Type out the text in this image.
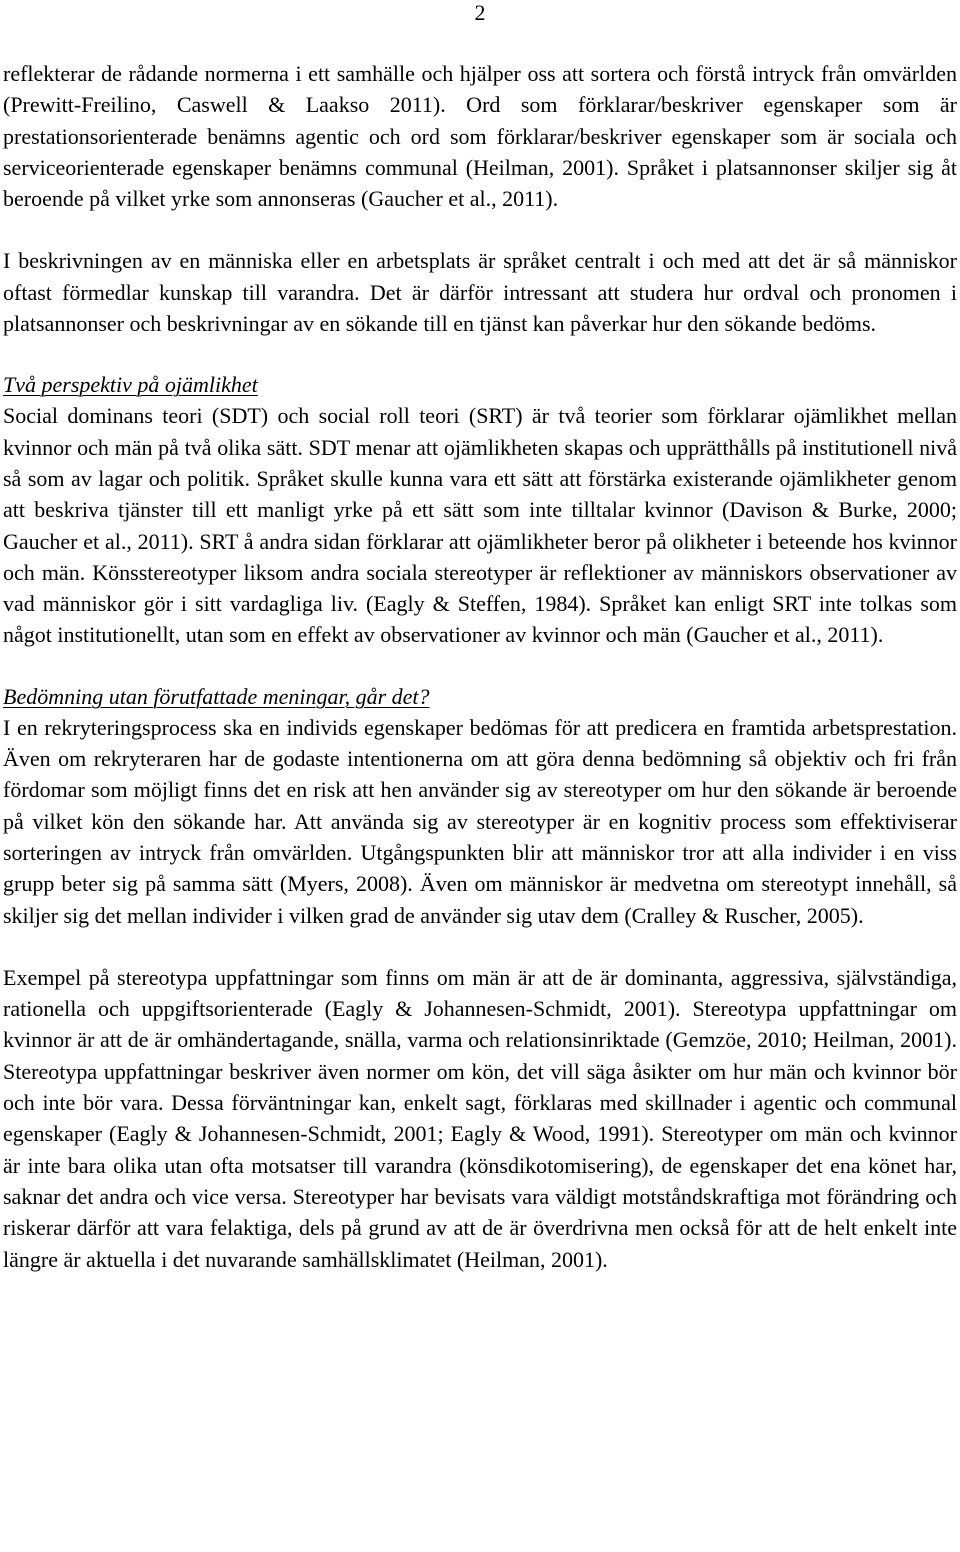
2

reflekterar de rådande normerna i ett samhälle och hjälper oss att sortera och förstå intryck från omvärlden (Prewitt-Freilino, Caswell & Laakso 2011). Ord som förklarar/beskriver egenskaper som är prestationsorienterade benämns agentic och ord som förklarar/beskriver egenskaper som är sociala och serviceorienterade egenskaper benämns communal (Heilman, 2001). Språket i platsannonser skiljer sig åt beroende på vilket yrke som annonseras (Gaucher et al., 2011).

I beskrivningen av en människa eller en arbetsplats är språket centralt i och med att det är så människor oftast förmedlar kunskap till varandra. Det är därför intressant att studera hur ordval och pronomen i platsannonser och beskrivningar av en sökande till en tjänst kan påverkar hur den sökande bedöms.

Två perspektiv på ojämlikhet

Social dominans teori (SDT) och social roll teori (SRT) är två teorier som förklarar ojämlikhet mellan kvinnor och män på två olika sätt. SDT menar att ojämlikheten skapas och upprätthålls på institutionell nivå så som av lagar och politik. Språket skulle kunna vara ett sätt att förstärka existerande ojämlikheter genom att beskriva tjänster till ett manligt yrke på ett sätt som inte tilltalar kvinnor (Davison & Burke, 2000; Gaucher et al., 2011). SRT å andra sidan förklarar att ojämlikheter beror på olikheter i beteende hos kvinnor och män. Könsstereotyper liksom andra sociala stereotyper är reflektioner av människors observationer av vad människor gör i sitt vardagliga liv. (Eagly & Steffen, 1984). Språket kan enligt SRT inte tolkas som något institutionellt, utan som en effekt av observationer av kvinnor och män (Gaucher et al., 2011).

Bedömning utan förutfattade meningar, går det?

I en rekryteringsprocess ska en individs egenskaper bedömas för att predicera en framtida arbetsprestation. Även om rekryteraren har de godaste intentionerna om att göra denna bedömning så objektiv och fri från fördomar som möjligt finns det en risk att hen använder sig av stereotyper om hur den sökande är beroende på vilket kön den sökande har. Att använda sig av stereotyper är en kognitiv process som effektiviserar sorteringen av intryck från omvärlden. Utgångspunkten blir att människor tror att alla individer i en viss grupp beter sig på samma sätt (Myers, 2008). Även om människor är medvetna om stereotypt innehåll, så skiljer sig det mellan individer i vilken grad de använder sig utav dem (Cralley & Ruscher, 2005).

Exempel på stereotypa uppfattningar som finns om män är att de är dominanta, aggressiva, självständiga, rationella och uppgiftsorienterade (Eagly & Johannesen-Schmidt, 2001). Stereotypa uppfattningar om kvinnor är att de är omhändertagande, snälla, varma och relationsinriktade (Gemzöe, 2010; Heilman, 2001). Stereotypa uppfattningar beskriver även normer om kön, det vill säga åsikter om hur män och kvinnor bör och inte bör vara. Dessa förväntningar kan, enkelt sagt, förklaras med skillnader i agentic och communal egenskaper (Eagly & Johannesen-Schmidt, 2001; Eagly & Wood, 1991). Stereotyper om män och kvinnor är inte bara olika utan ofta motsatser till varandra (könsdikotomisering), de egenskaper det ena könet har, saknar det andra och vice versa. Stereotyper har bevisats vara väldigt motståndskraftiga mot förändring och riskerar därför att vara felaktiga, dels på grund av att de är överdrivna men också för att de helt enkelt inte längre är aktuella i det nuvarande samhällsklimatet (Heilman, 2001).
